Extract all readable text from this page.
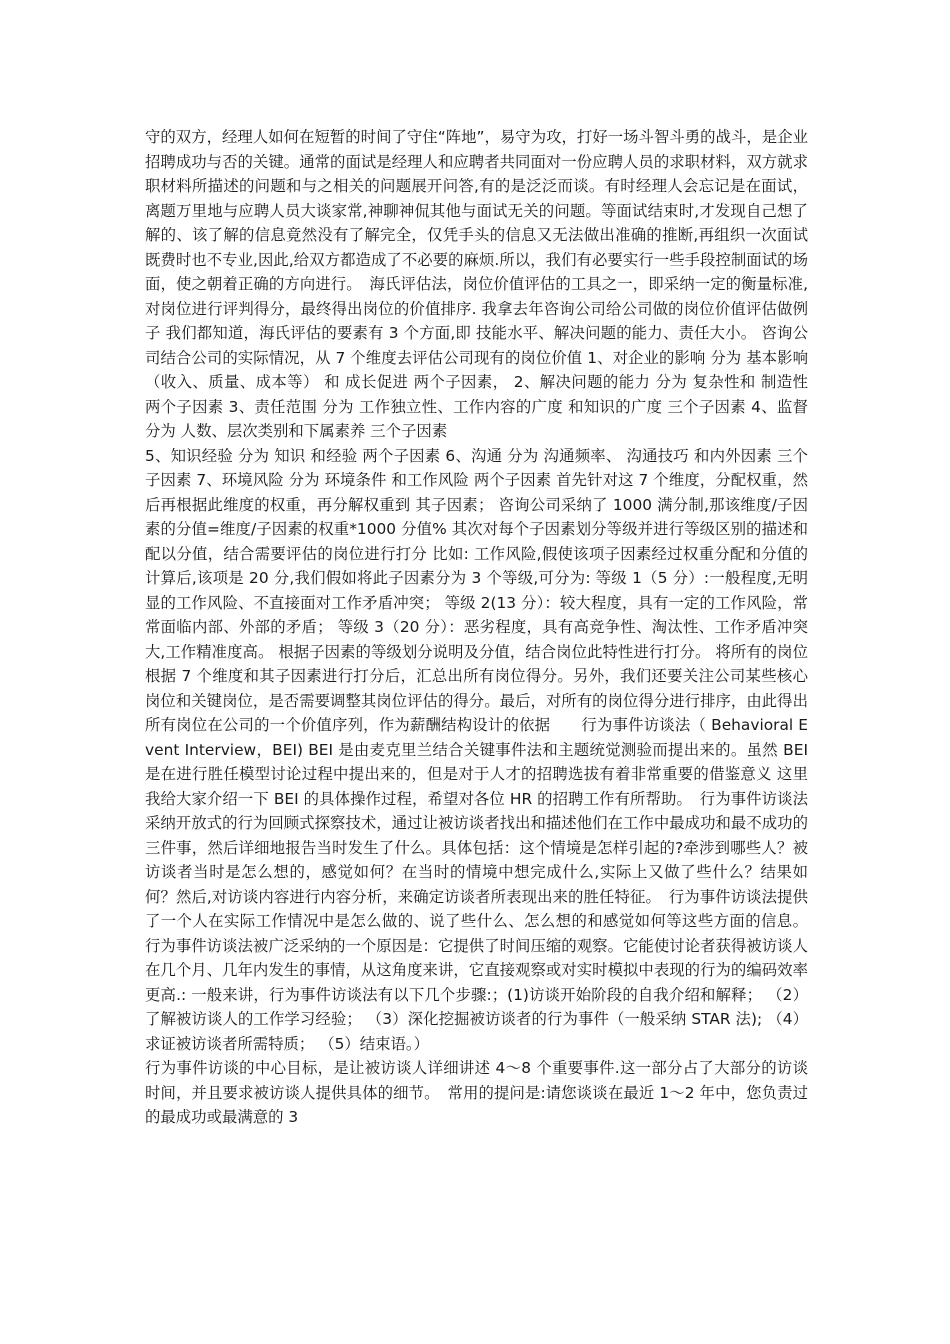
守的双方，经理人如何在短暂的时间了守住“阵地”，易守为攻，打好一场斗智斗勇的战斗，是企业招聘成功与否的关键。通常的面试是经理人和应聘者共同面对一份应聘人员的求职材料，双方就求职材料所描述的问题和与之相关的问题展开问答,有的是泛泛而谈。有时经理人会忘记是在面试，离题万里地与应聘人员大谈家常,神聊神侃其他与面试无关的问题。等面试结束时,才发现自己想了解的、该了解的信息竟然没有了解完全，仅凭手头的信息又无法做出准确的推断,再组织一次面试既费时也不专业,因此,给双方都造成了不必要的麻烦.所以，我们有必要实行一些手段控制面试的场面，使之朝着正确的方向进行。　海氏评估法，岗位价值评估的工具之一，即采纳一定的衡量标准,对岗位进行评判得分，最终得出岗位的价值排序. 我拿去年咨询公司给公司做的岗位价值评估做例子 我们都知道，海氏评估的要素有 3 个方面,即 技能水平、解决问题的能力、责任大小。 咨询公司结合公司的实际情况，从 7 个维度去评估公司现有的岗位价值 1、对企业的影响 分为 基本影响（收入、质量、成本等） 和 成长促进 两个子因素， 2、解决问题的能力 分为 复杂性和 制造性 两个子因素 3、责任范围 分为 工作独立性、工作内容的广度 和知识的广度 三个子因素 4、监督 分为 人数、层次类别和下属素养 三个子因素

5、知识经验 分为 知识 和经验 两个子因素 6、沟通 分为 沟通频率、 沟通技巧 和内外因素 三个子因素 7、环境风险 分为 环境条件 和工作风险 两个子因素 首先针对这 7 个维度，分配权重，然后再根据此维度的权重，再分解权重到 其子因素； 咨询公司采纳了 1000 满分制,那该维度/子因素的分值=维度/子因素的权重*1000 分值% 其次对每个子因素划分等级并进行等级区别的描述和配以分值，结合需要评估的岗位进行打分 比如: 工作风险,假使该项子因素经过权重分配和分值的计算后,该项是 20 分,我们假如将此子因素分为 3 个等级,可分为: 等级 1（5 分）:一般程度,无明显的工作风险、不直接面对工作矛盾冲突； 等级 2(13 分）：较大程度，具有一定的工作风险，常常面临内部、外部的矛盾； 等级 3（20 分）：恶劣程度，具有高竞争性、淘汰性、工作矛盾冲突大,工作精准度高。 根据子因素的等级划分说明及分值，结合岗位此特性进行打分。 将所有的岗位根据 7 个维度和其子因素进行打分后，汇总出所有岗位得分。另外，我们还要关注公司某些核心岗位和关键岗位，是否需要调整其岗位评估的得分。最后，对所有的岗位得分进行排序，由此得出所有岗位在公司的一个价值序列，作为薪酬结构设计的依据　　行为事件访谈法（ Behavioral Event Interview，BEI) BEI 是由麦克里兰结合关键事件法和主题统觉测验而提出来的。虽然 BEI 是在进行胜任模型讨论过程中提出来的，但是对于人才的招聘选拔有着非常重要的借鉴意义 这里我给大家介绍一下 BEI 的具体操作过程，希望对各位 HR 的招聘工作有所帮助。　行为事件访谈法采纳开放式的行为回顾式探察技术，通过让被访谈者找出和描述他们在工作中最成功和最不成功的三件事，然后详细地报告当时发生了什么。具体包括：这个情境是怎样引起的?牵涉到哪些人？被访谈者当时是怎么想的，感觉如何？在当时的情境中想完成什么,实际上又做了些什么？结果如何？然后,对访谈内容进行内容分析，来确定访谈者所表现出来的胜任特征。　行为事件访谈法提供了一个人在实际工作情况中是怎么做的、说了些什么、怎么想的和感觉如何等这些方面的信息。 行为事件访谈法被广泛采纳的一个原因是：它提供了时间压缩的观察。它能使讨论者获得被访谈人在几个月、几年内发生的事情，从这角度来讲，它直接观察或对实时模拟中表现的行为的编码效率更高.: 一般来讲，行为事件访谈法有以下几个步骤:；(1)访谈开始阶段的自我介绍和解释； （2）了解被访谈人的工作学习经验； （3）深化挖掘被访谈者的行为事件（一般采纳 STAR 法); （4）求证被访谈者所需特质； （5）结束语。）

行为事件访谈的中心目标，是让被访谈人详细讲述 4～8 个重要事件.这一部分占了大部分的访谈时间，并且要求被访谈人提供具体的细节。　常用的提问是:请您谈谈在最近 1～2 年中，您负责过的最成功或最满意的 3
